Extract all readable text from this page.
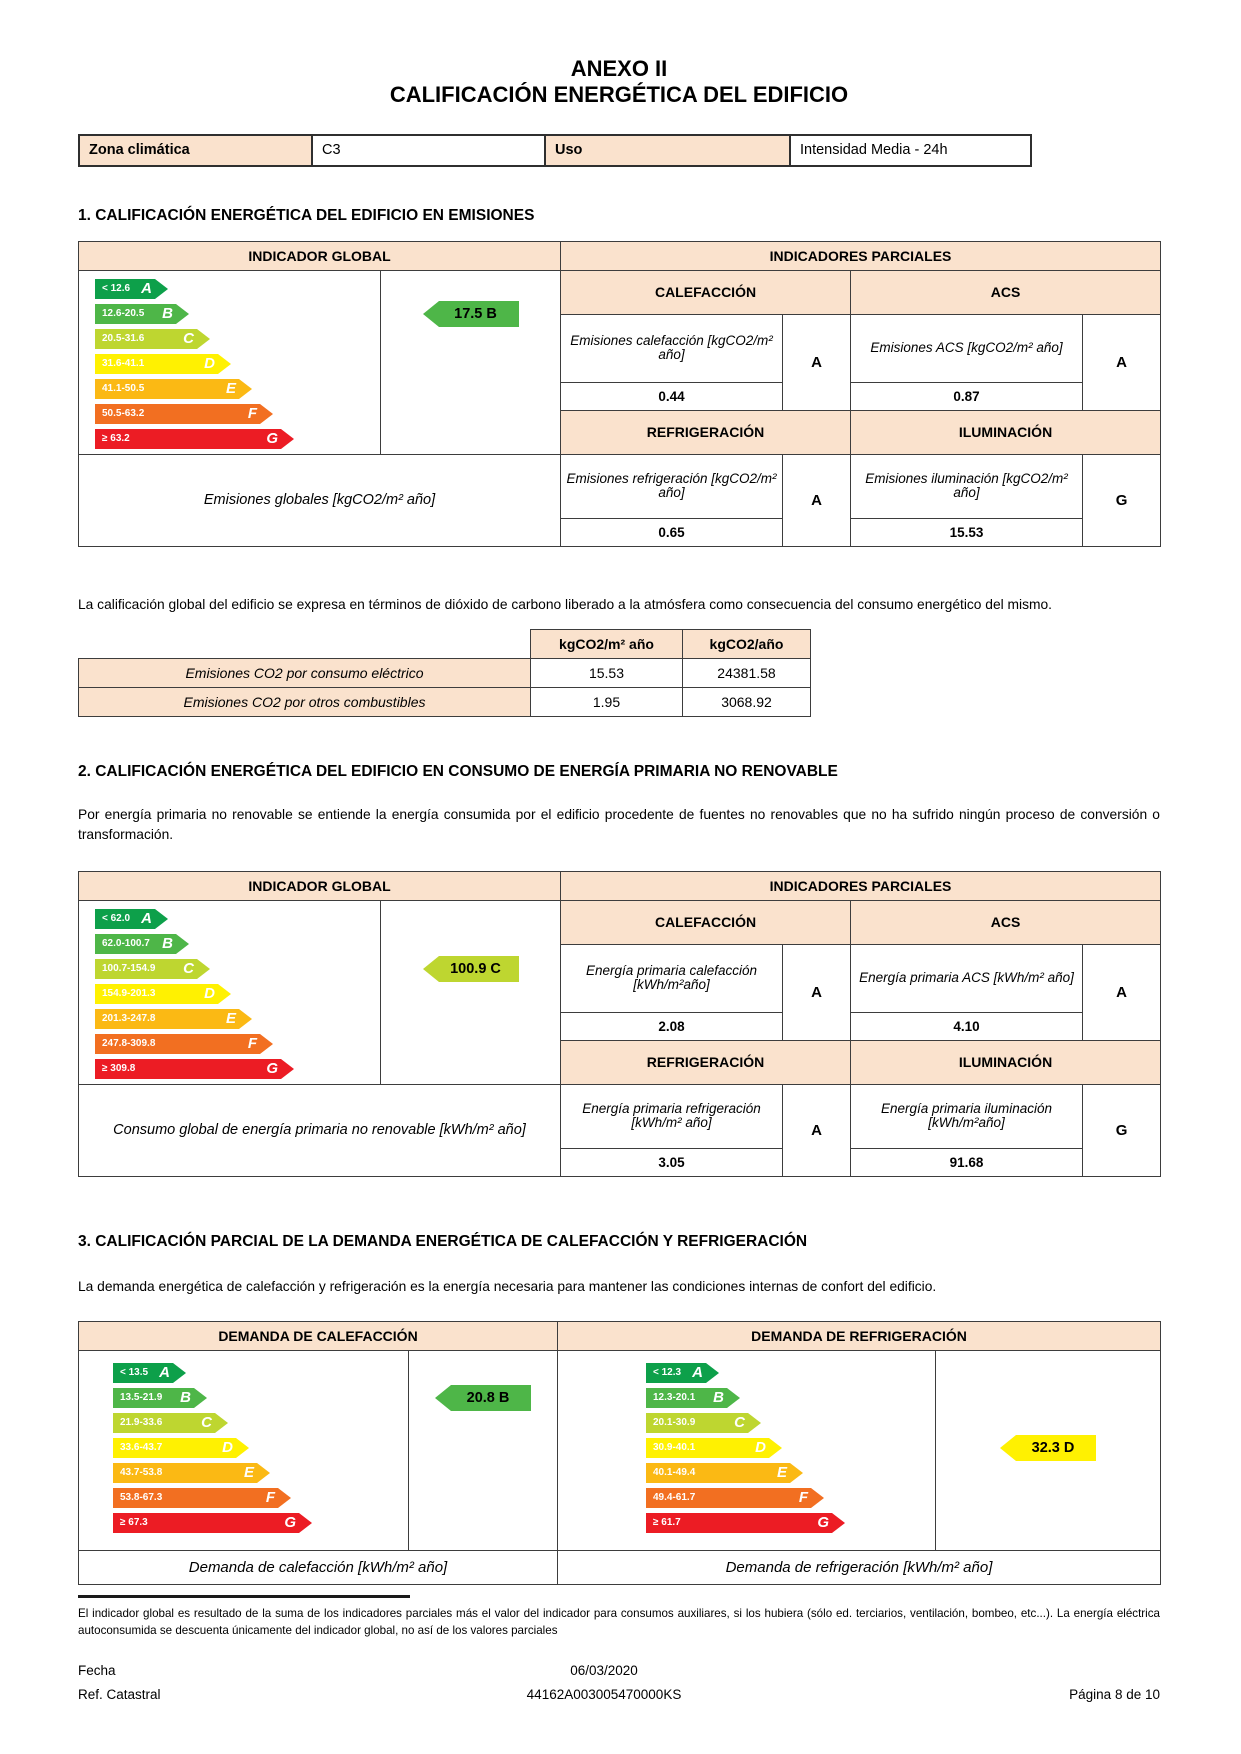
ANEXO II
CALIFICACIÓN ENERGÉTICA DEL EDIFICIO
Zona climática	C3	Uso	Intensidad Media - 24h
1. CALIFICACIÓN ENERGÉTICA DEL EDIFICIO EN EMISIONES
INDICADOR GLOBAL		INDICADORES PARCIALES			

< 12.6 A
12.6-20.5 B
20.5-31.6	C
31.6-41.1	D
41.1-50.5	E
50.5-63.2	F
≥ 63.2	G

17.5 B
	CALEFACCIÓN	ACS
		Emisiones calefacción [kgCO2/m² año]	A	Emisiones ACS [kgCO2/m² año]	A
		0.44		0.87	
		REFRIGERACIÓN		ILUMINACIÓN	
Emisiones globales [kgCO2/m² año]		Emisiones refrigeración [kgCO2/m² año]	A	Emisiones iluminación [kgCO2/m² año]	G
		0.65		15.53	

La calificación global del edificio se expresa en términos de dióxido de carbono liberado a la atmósfera como consecuencia del consumo energético del mismo.

	kgCO2/m² año	kgCO2/año
Emisiones CO2 por consumo eléctrico	15.53	24381.58
Emisiones CO2 por otros combustibles	1.95	3068.92
2. CALIFICACIÓN ENERGÉTICA DEL EDIFICIO EN CONSUMO DE ENERGÍA PRIMARIA NO RENOVABLE

Por energía primaria no renovable se entiende la energía consumida por el edificio procedente de fuentes no renovables que no ha sufrido ningún proceso de conversión o transformación.

INDICADOR GLOBAL		INDICADORES PARCIALES			

< 62.0 A
62.0-100.7 B
100.7-154.9 C
154.9-201.3	D
201.3-247.8	E
247.8-309.8	F
≥ 309.8	G

100.9 C
	CALEFACCIÓN	ACS
		Energía primaria calefacción [kWh/m²año]	A	Energía primaria ACS [kWh/m² año]	A
		2.08		4.10	
		REFRIGERACIÓN		ILUMINACIÓN	
Consumo global de energía primaria no renovable [kWh/m² año]		Energía primaria refrigeración [kWh/m² año]	A	Energía primaria iluminación [kWh/m²año]	G
		3.05		91.68	
3. CALIFICACIÓN PARCIAL DE LA DEMANDA ENERGÉTICA DE CALEFACCIÓN Y REFRIGERACIÓN

La demanda energética de calefacción y refrigeración es la energía necesaria para mantener las condiciones internas de confort del edificio.

DEMANDA DE CALEFACCIÓN		DEMANDA DE REFRIGERACIÓN	

< 13.5 A
13.5-21.9 B
21.9-33.6	C
33.6-43.7	D
43.7-53.8	E
53.8-67.3	F
≥ 67.3	G

20.8 B

< 12.3 A
12.3-20.1 B
20.1-30.9	C
30.9-40.1	D
40.1-49.4	E
49.4-61.7	F
≥ 61.7	G

32.3 D

Demanda de calefacción [kWh/m² año]		Demanda de refrigeración [kWh/m² año]	

El indicador global es resultado de la suma de los indicadores parciales más el valor del indicador para consumos auxiliares, si los hubiera (sólo ed. terciarios, ventilación, bombeo, etc...). La energía eléctrica autoconsumida se descuenta únicamente del indicador global, no así de los valores parciales

Fecha	06/03/2020
Ref. Catastral	44162A003005470000KS	Página 8 de 10
